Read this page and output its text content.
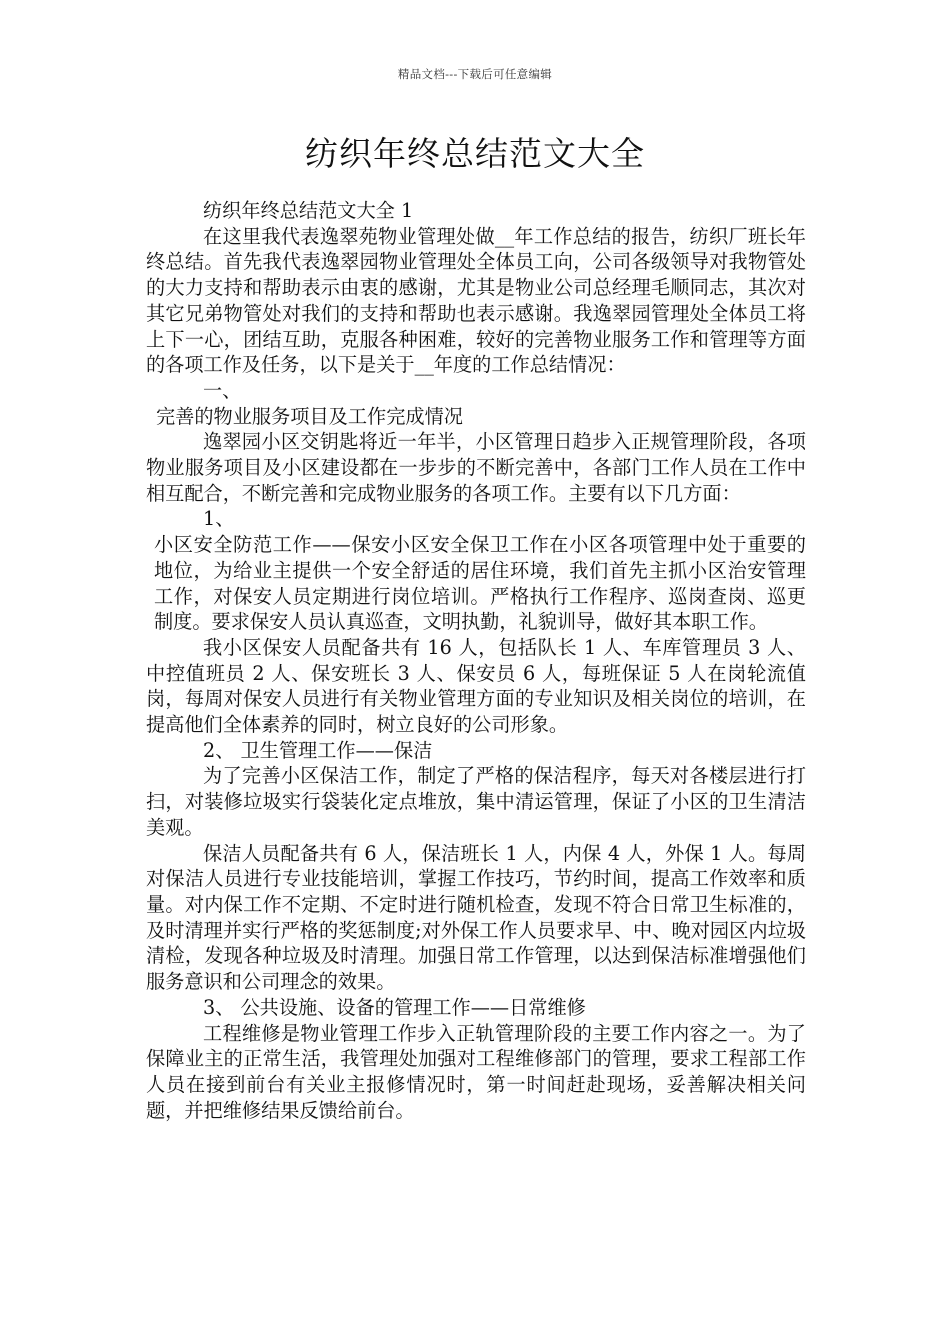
精品文档---下载后可任意编辑
纺织年终总结范文大全

纺织年终总结范文大全 1

在这里我代表逸翠苑物业管理处做__年工作总结的报告，纺织厂班长年终总结。首先我代表逸翠园物业管理处全体员工向，公司各级领导对我物管处的大力支持和帮助表示由衷的感谢，尤其是物业公司总经理毛顺同志，其次对其它兄弟物管处对我们的支持和帮助也表示感谢。我逸翠园管理处全体员工将上下一心，团结互助，克服各种困难，较好的完善物业服务工作和管理等方面的各项工作及任务，以下是关于__年度的工作总结情况：

一、

完善的物业服务项目及工作完成情况

逸翠园小区交钥匙将近一年半，小区管理日趋步入正规管理阶段，各项物业服务项目及小区建设都在一步步的不断完善中，各部门工作人员在工作中相互配合，不断完善和完成物业服务的各项工作。主要有以下几方面：

1、

小区安全防范工作——保安小区安全保卫工作在小区各项管理中处于重要的地位，为给业主提供一个安全舒适的居住环境，我们首先主抓小区治安管理工作，对保安人员定期进行岗位培训。严格执行工作程序、巡岗查岗、巡更制度。要求保安人员认真巡查，文明执勤，礼貌训导，做好其本职工作。

我小区保安人员配备共有 16 人，包括队长 1 人、车库管理员 3 人、中控值班员 2 人、保安班长 3 人、保安员 6 人，每班保证 5 人在岗轮流值岗，每周对保安人员进行有关物业管理方面的专业知识及相关岗位的培训，在提高他们全体素养的同时，树立良好的公司形象。

2、 卫生管理工作——保洁

为了完善小区保洁工作，制定了严格的保洁程序，每天对各楼层进行打扫，对装修垃圾实行袋装化定点堆放，集中清运管理，保证了小区的卫生清洁美观。

保洁人员配备共有 6 人，保洁班长 1 人，内保 4 人，外保 1 人。每周对保洁人员进行专业技能培训，掌握工作技巧，节约时间，提高工作效率和质量。对内保工作不定期、不定时进行随机检查，发现不符合日常卫生标准的，及时清理并实行严格的奖惩制度;对外保工作人员要求早、中、晚对园区内垃圾清检，发现各种垃圾及时清理。加强日常工作管理，以达到保洁标准增强他们服务意识和公司理念的效果。

3、 公共设施、设备的管理工作——日常维修

工程维修是物业管理工作步入正轨管理阶段的主要工作内容之一。为了保障业主的正常生活，我管理处加强对工程维修部门的管理，要求工程部工作人员在接到前台有关业主报修情况时，第一时间赶赴现场，妥善解决相关问题，并把维修结果反馈给前台。
